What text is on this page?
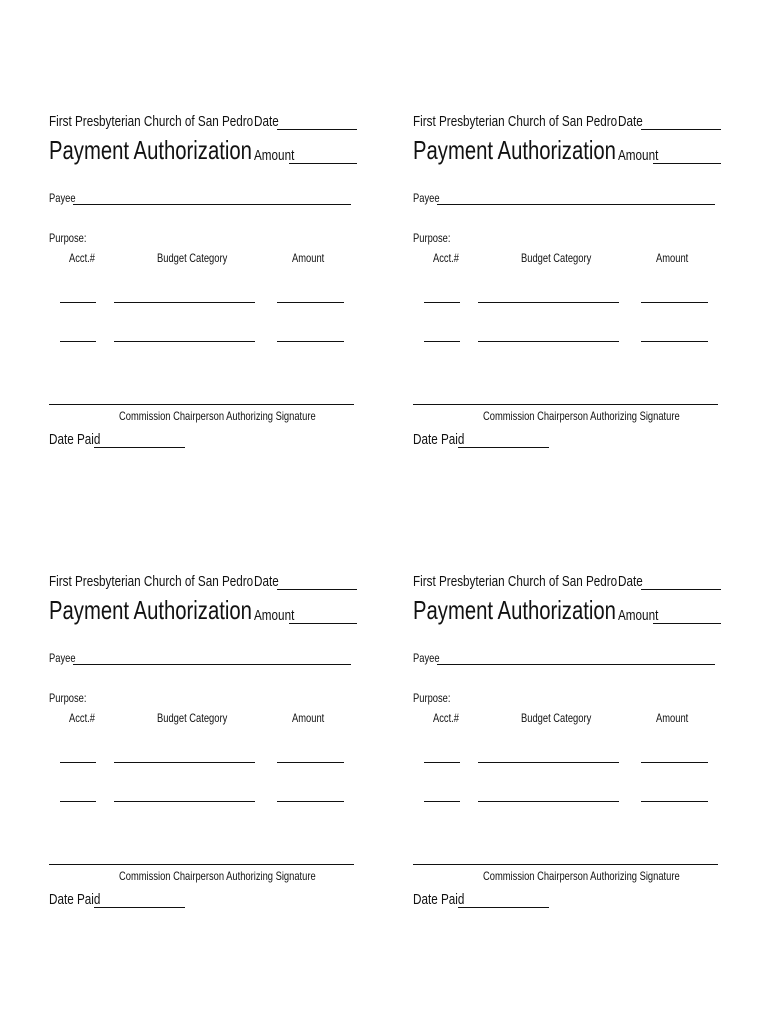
First Presbyterian Church of San Pedro
Payment Authorization
Date
Amount
Payee
Purpose:
Acct.#	Budget Category	Amount
Commission Chairperson Authorizing Signature
Date Paid
First Presbyterian Church of San Pedro
Payment Authorization
Date
Amount
Payee
Purpose:
Acct.#	Budget Category	Amount
Commission Chairperson Authorizing Signature
Date Paid
First Presbyterian Church of San Pedro
Payment Authorization
Date
Amount
Payee
Purpose:
Acct.#	Budget Category	Amount
Commission Chairperson Authorizing Signature
Date Paid
First Presbyterian Church of San Pedro
Payment Authorization
Date
Amount
Payee
Purpose:
Acct.#	Budget Category	Amount
Commission Chairperson Authorizing Signature
Date Paid
